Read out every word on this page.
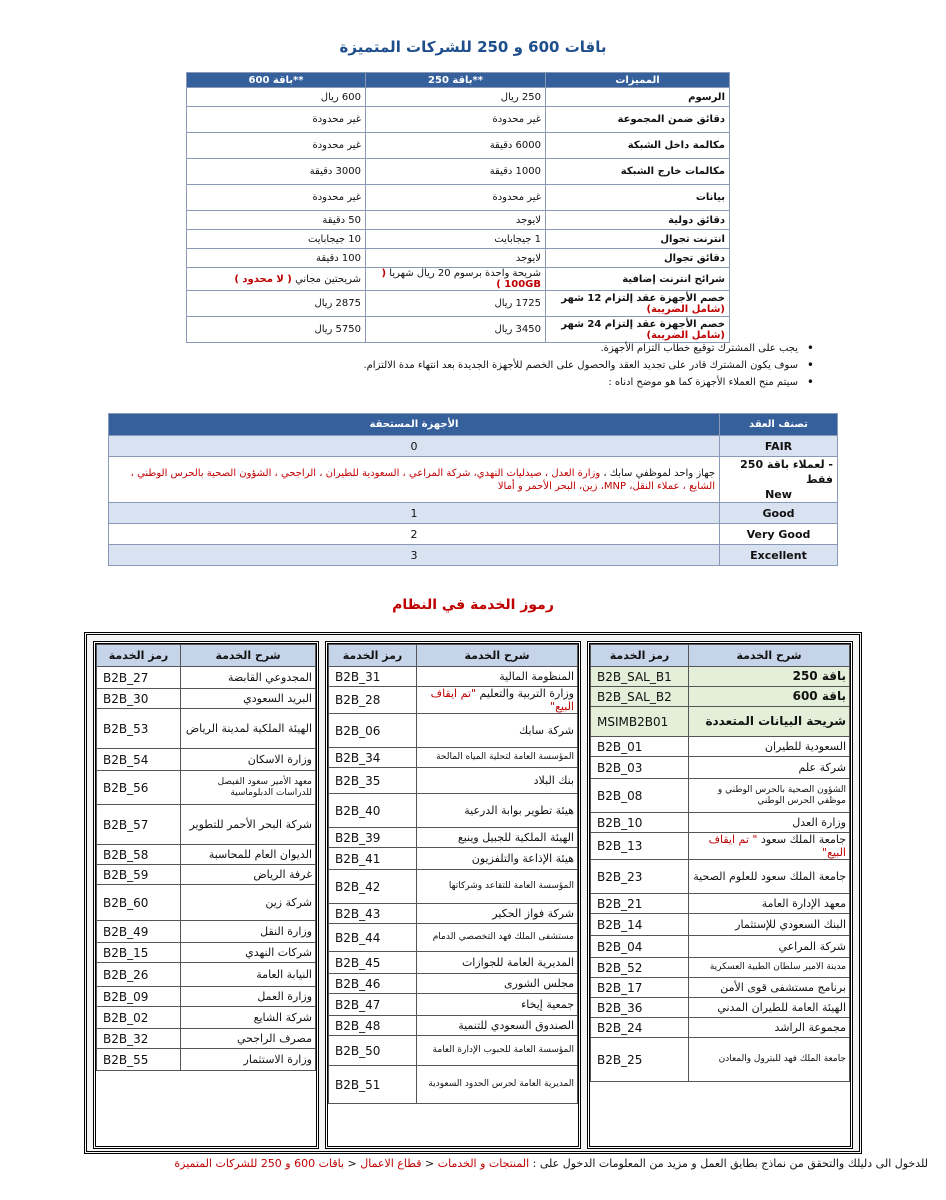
باقات 600 و 250 للشركات المتميزة
المميزات	**باقة 250	**باقة 600
الرسوم	250 ريال	600 ريال
دقائق ضمن المجموعة	غير محدودة	غير محدودة
مكالمة داخل الشبكة	6000 دقيقة	غير محدودة
مكالمات خارج الشبكة	1000 دقيقة	3000 دقيقة
بيانات	غير محدودة	غير محدودة
دقائق دولية	لايوجد	50 دقيقة
انترنت تجوال	1 جيجابايت	10 جيجابايت
دقائق تجوال	لايوجد	100 دقيقة
شرائح انترنت إضافية	شريحة واحدة برسوم 20 ريال شهريا ( 100GB )	شريحتين مجاني ( لا محدود )
خصم الأجهزة عقد إلتزام 12 شهر (شامل الضريبة)	1725 ريال	2875 ريال
خصم الأجهزة عقد إلتزام 24 شهر (شامل الضريبة)	3450 ريال	5750 ريال
• يجب على المشترك توقيع خطاب التزام الأجهزة.
• سوف يكون المشترك قادر على تجديد العقد والحصول على الخصم للأجهزة الجديدة بعد انتهاء مدة الالتزام.
• سيتم منح العملاء الأجهزة كما هو موضح ادناه :
تصنف العقد	الأجهزة المستحقة
FAIR	0

- لعملاء باقة 250 فقط
New	جهاز واحد لموظفي سابك ، وزارة العدل ، صيدليات النهدي، شركة المراعي ، السعودية للطيران ، الراجحي ، الشؤون الصحية بالحرس الوطني ، الشايع ، عملاء النقل، MNP، زين، البحر الأحمر و أمالا
Good	1
Very Good	2
Excellent	3
رموز الخدمة في النظام
شرح الخدمة	رمز الخدمة
باقة 250	B2B_SAL_B1
باقة 600	B2B_SAL_B2
شريحة البيانات المتعددة	MSIMB2B01
السعودية للطيران	B2B_01
شركة علم	B2B_03
الشؤون الصحية بالحرس الوطني و موظفي الحرس الوطني	B2B_08
وزارة العدل	B2B_10
جامعة الملك سعود " تم ايقاف البيع"	B2B_13
جامعة الملك سعود للعلوم الصحية	B2B_23
معهد الإدارة العامة	B2B_21
البنك السعودي للإستثمار	B2B_14
شركة المراعي	B2B_04
مدينة الامير سلطان الطبية العسكرية	B2B_52
برنامج مستشفى قوى الأمن	B2B_17
الهيئة العامة للطيران المدني	B2B_36
مجموعة الراشد	B2B_24
جامعة الملك فهد للبترول والمعادن	B2B_25
شرح الخدمة	رمز الخدمة
المنظومة المالية	B2B_31
وزارة التربية والتعليم "تم ايقاف البيع"	B2B_28
شركة سابك	B2B_06
المؤسسة العامة لتحلية المياه المالحة	B2B_34
بنك البلاد	B2B_35
هيئة تطوير بوابة الدرعية	B2B_40
الهيئة الملكية للجبيل وينبع	B2B_39
هيئة الإذاعة والتلفزيون	B2B_41
المؤسسة العامة للتقاعد وشركاتها	B2B_42
شركة فواز الحكير	B2B_43
مستشفى الملك فهد التخصصي الدمام	B2B_44
المديرية العامة للجوازات	B2B_45
مجلس الشورى	B2B_46
جمعية إيخاء	B2B_47
الصندوق السعودي للتنمية	B2B_48
المؤسسة العامة للحبوب الإدارة العامة	B2B_50
المديرية العامة لحرس الحدود السعودية	B2B_51
شرح الخدمة	رمز الخدمة
المجدوعي القابضة	B2B_27
البريد السعودي	B2B_30
الهيئة الملكية لمدينة الرياض	B2B_53
وزارة الاسكان	B2B_54
معهد الأمير سعود الفيصل للدراسات الدبلوماسية	B2B_56
شركة البحر الأحمر للتطوير	B2B_57
الديوان العام للمحاسبة	B2B_58
غرفة الرياض	B2B_59
شركة زين	B2B_60
وزارة النقل	B2B_49
شركات النهدي	B2B_15
النيابة العامة	B2B_26
وزارة العمل	B2B_09
شركة الشايع	B2B_02
مصرف الراجحي	B2B_32
وزارة الاستثمار	B2B_55
للدخول الى دليلك والتحقق من نماذج بطايق العمل و مزيد من المعلومات الدخول على : المنتجات و الخدمات < قطاع الاعمال < باقات 600 و 250 للشركات المتميزة
